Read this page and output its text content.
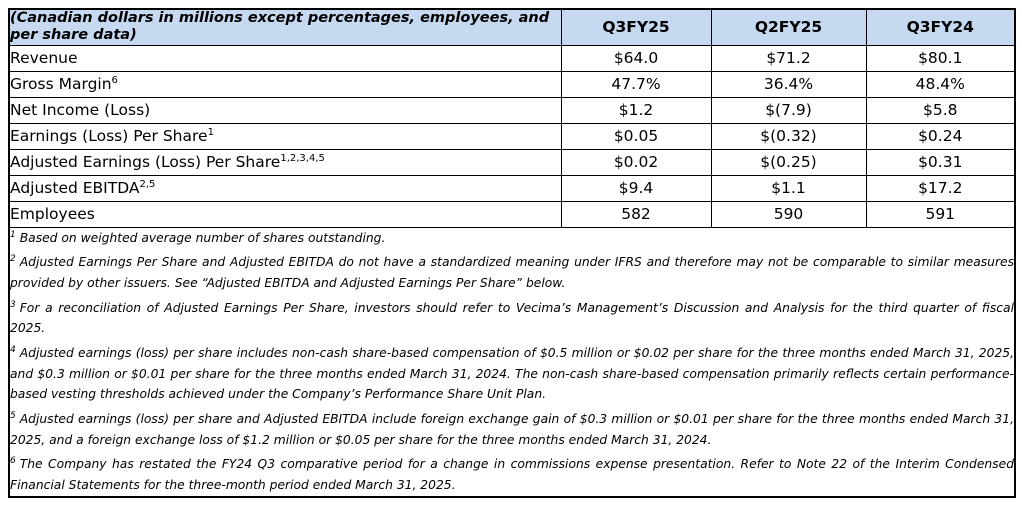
(Canadian dollars in millions except percentages, employees, and per share data)	Q3FY25	Q2FY25	Q3FY24
Revenue	$64.0	$71.2	$80.1
Gross Margin$^6$	47.7%	36.4%	48.4%
Net Income (Loss)	$1.2	$(7.9)	$5.8
Earnings (Loss) Per Share$^1$	$0.05	$(0.32)	$0.24
Adjusted Earnings (Loss) Per Share$^{1,2,3,4,5}$	$0.02	$(0.25)	$0.31
Adjusted EBITDA$^{2,5}$	$9.4	$1.1	$17.2
Employees	582	590	591

$^1$ Based on weighted average number of shares outstanding.

$^2$ Adjusted Earnings Per Share and Adjusted EBITDA do not have a standardized meaning under IFRS and therefore may not be comparable to similar measures provided by other issuers. See “Adjusted EBITDA and Adjusted Earnings Per Share” below.

$^3$ For a reconciliation of Adjusted Earnings Per Share, investors should refer to Vecima’s Management’s Discussion and Analysis for the third quarter of fiscal 2025.

$^4$ Adjusted earnings (loss) per share includes non-cash share-based compensation of $0.5 million or $0.02 per share for the three months ended March 31, 2025, and $0.3 million or $0.01 per share for the three months ended March 31, 2024. The non-cash share-based compensation primarily reflects certain performance-based vesting thresholds achieved under the Company’s Performance Share Unit Plan.

$^5$ Adjusted earnings (loss) per share and Adjusted EBITDA include foreign exchange gain of $0.3 million or $0.01 per share for the three months ended March 31, 2025, and a foreign exchange loss of $1.2 million or $0.05 per share for the three months ended March 31, 2024.

$^6$ The Company has restated the FY24 Q3 comparative period for a change in commissions expense presentation. Refer to Note 22 of the Interim Condensed Financial Statements for the three-month period ended March 31, 2025.
